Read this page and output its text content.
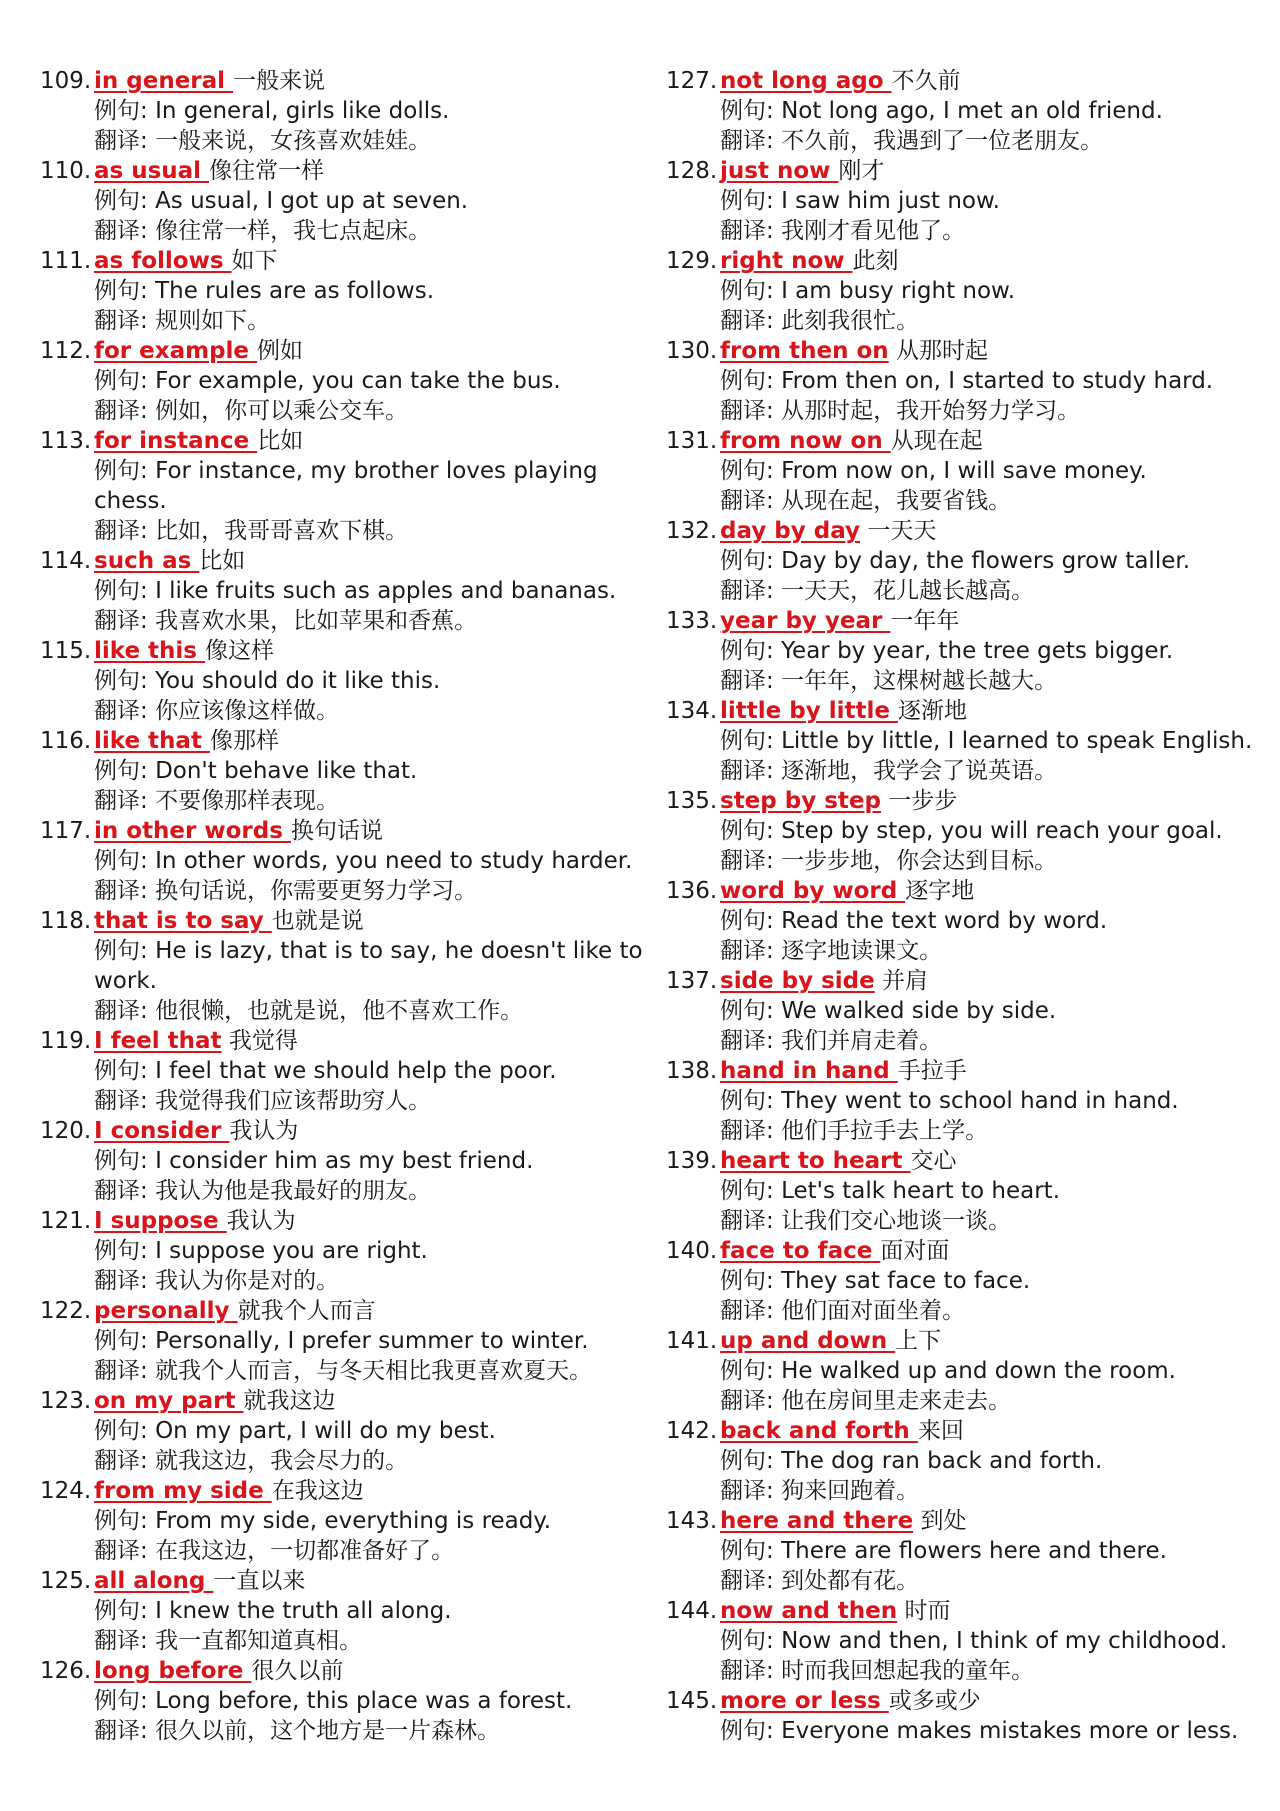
109. in general 一般来说
例句: In general, girls like dolls.
翻译: 一般来说，女孩喜欢娃娃。
110. as usual 像往常一样
例句: As usual, I got up at seven.
翻译: 像往常一样，我七点起床。
111. as follows 如下
例句: The rules are as follows.
翻译: 规则如下。
112. for example 例如
例句: For example, you can take the bus.
翻译: 例如，你可以乘公交车。
113. for instance 比如
例句: For instance, my brother loves playing chess.
翻译: 比如，我哥哥喜欢下棋。
114. such as 比如
例句: I like fruits such as apples and bananas.
翻译: 我喜欢水果，比如苹果和香蕉。
115. like this 像这样
例句: You should do it like this.
翻译: 你应该像这样做。
116. like that 像那样
例句: Don't behave like that.
翻译: 不要像那样表现。
117. in other words 换句话说
例句: In other words, you need to study harder.
翻译: 换句话说，你需要更努力学习。
118. that is to say 也就是说
例句: He is lazy, that is to say, he doesn't like to work.
翻译: 他很懒，也就是说，他不喜欢工作。
119. I feel that 我觉得
例句: I feel that we should help the poor.
翻译: 我觉得我们应该帮助穷人。
120. I consider 我认为
例句: I consider him as my best friend.
翻译: 我认为他是我最好的朋友。
121. I suppose 我认为
例句: I suppose you are right.
翻译: 我认为你是对的。
122. personally 就我个人而言
例句: Personally, I prefer summer to winter.
翻译: 就我个人而言，与冬天相比我更喜欢夏天。
123. on my part 就我这边
例句: On my part, I will do my best.
翻译: 就我这边，我会尽力的。
124. from my side 在我这边
例句: From my side, everything is ready.
翻译: 在我这边，一切都准备好了。
125. all along 一直以来
例句: I knew the truth all along.
翻译: 我一直都知道真相。
126. long before 很久以前
例句: Long before, this place was a forest.
翻译: 很久以前，这个地方是一片森林。
127. not long ago 不久前
例句: Not long ago, I met an old friend.
翻译: 不久前，我遇到了一位老朋友。
128. just now 刚才
例句: I saw him just now.
翻译: 我刚才看见他了。
129. right now 此刻
例句: I am busy right now.
翻译: 此刻我很忙。
130. from then on 从那时起
例句: From then on, I started to study hard.
翻译: 从那时起，我开始努力学习。
131. from now on 从现在起
例句: From now on, I will save money.
翻译: 从现在起，我要省钱。
132. day by day 一天天
例句: Day by day, the flowers grow taller.
翻译: 一天天，花儿越长越高。
133. year by year 一年年
例句: Year by year, the tree gets bigger.
翻译: 一年年，这棵树越长越大。
134. little by little 逐渐地
例句: Little by little, I learned to speak English.
翻译: 逐渐地，我学会了说英语。
135. step by step 一步步
例句: Step by step, you will reach your goal.
翻译: 一步步地，你会达到目标。
136. word by word 逐字地
例句: Read the text word by word.
翻译: 逐字地读课文。
137. side by side 并肩
例句: We walked side by side.
翻译: 我们并肩走着。
138. hand in hand 手拉手
例句: They went to school hand in hand.
翻译: 他们手拉手去上学。
139. heart to heart 交心
例句: Let's talk heart to heart.
翻译: 让我们交心地谈一谈。
140. face to face 面对面
例句: They sat face to face.
翻译: 他们面对面坐着。
141. up and down 上下
例句: He walked up and down the room.
翻译: 他在房间里走来走去。
142. back and forth 来回
例句: The dog ran back and forth.
翻译: 狗来回跑着。
143. here and there 到处
例句: There are flowers here and there.
翻译: 到处都有花。
144. now and then 时而
例句: Now and then, I think of my childhood.
翻译: 时而我回想起我的童年。
145. more or less 或多或少
例句: Everyone makes mistakes more or less.
